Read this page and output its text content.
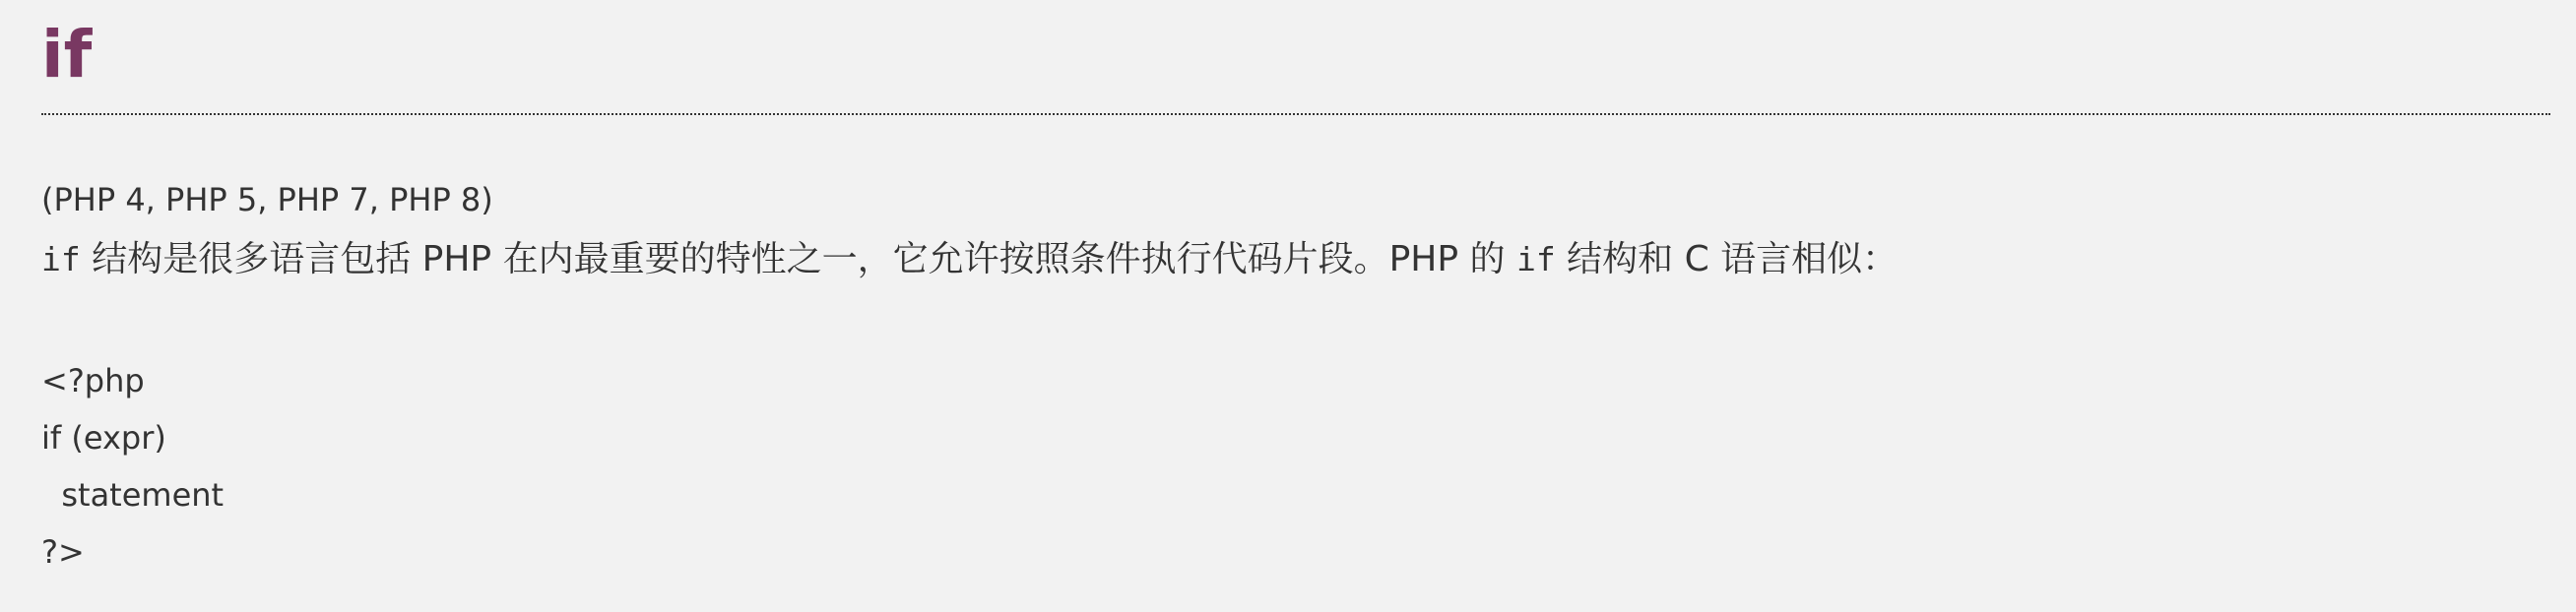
if
(PHP 4, PHP 5, PHP 7, PHP 8)

if 结构是很多语言包括 PHP 在内最重要的特性之一，它允许按照条件执行代码片段。PHP 的 if 结构和 C 语言相似：

<?php
if (expr)
statement
?>
